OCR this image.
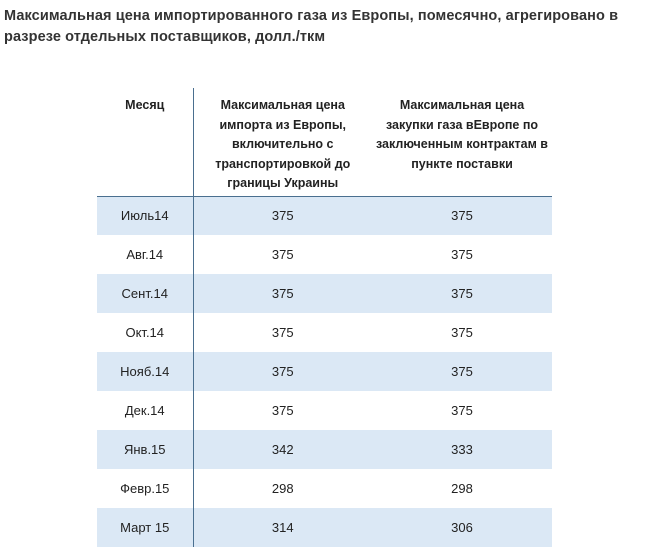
Максимальная цена импортированного газа из Европы, помесячно, агрегировано в разрезе отдельных поставщиков, долл./ткм
Месяц	Максимальная цена импорта из Европы, включительно с транспортировкой до границы Украины	Максимальная цена закупки газа вЕвропе по заключенным контрактам в пункте поставки
Июль14	375	375
Авг.14	375	375
Сент.14	375	375
Окт.14	375	375
Нояб.14	375	375
Дек.14	375	375
Янв.15	342	333
Февр.15	298	298
Март 15	314	306
